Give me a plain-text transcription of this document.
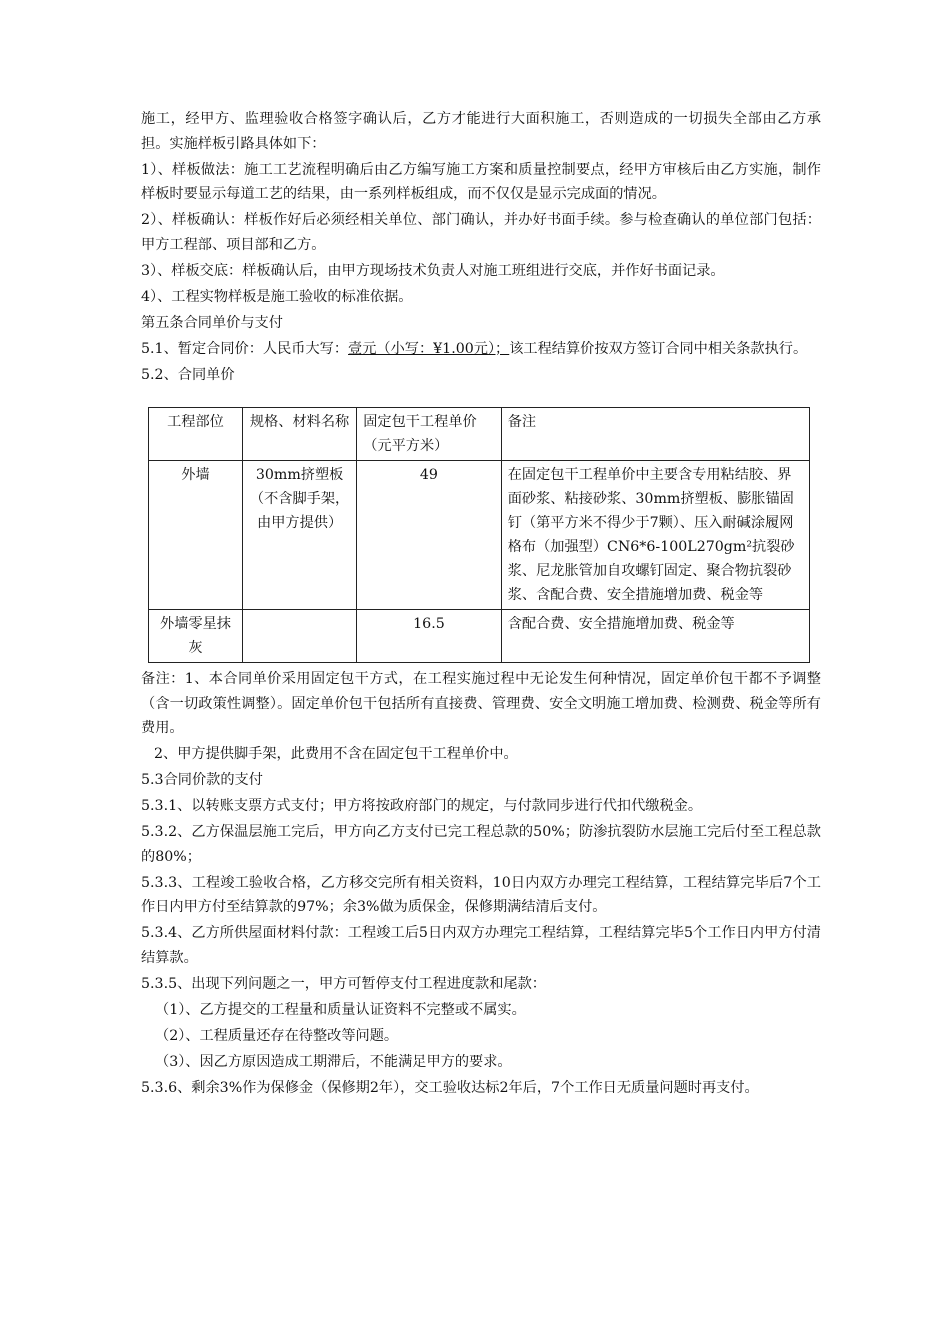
施工，经甲方、监理验收合格签字确认后，乙方才能进行大面积施工，否则造成的一切损失全部由乙方承担。实施样板引路具体如下：

1）、样板做法：施工工艺流程明确后由乙方编写施工方案和质量控制要点，经甲方审核后由乙方实施，制作样板时要显示每道工艺的结果，由一系列样板组成，而不仅仅是显示完成面的情况。

2）、样板确认：样板作好后必须经相关单位、部门确认，并办好书面手续。参与检查确认的单位部门包括：甲方工程部、项目部和乙方。

3）、样板交底：样板确认后，由甲方现场技术负责人对施工班组进行交底，并作好书面记录。

4）、工程实物样板是施工验收的标准依据。

第五条合同单价与支付

5.1、暂定合同价：人民币大写：壹元（小写：¥1.00元）；该工程结算价按双方签订合同中相关条款执行。

5.2、合同单价

工程部位	规格、材料名称	固定包干工程单价（元平方米）	备注
外墙	30mm挤塑板（不含脚手架，由甲方提供）	49	在固定包干工程单价中主要含专用粘结胶、界面砂浆、粘接砂浆、30mm挤塑板、膨胀锚固钉（第平方米不得少于7颗）、压入耐碱涂履网格布（加强型）CN6*6-100L270gm²抗裂砂浆、尼龙胀管加自攻螺钉固定、聚合物抗裂砂浆、含配合费、安全措施增加费、税金等
外墙零星抹灰		16.5	含配合费、安全措施增加费、税金等

备注：1、本合同单价采用固定包干方式，在工程实施过程中无论发生何种情况，固定单价包干都不予调整（含一切政策性调整）。固定单价包干包括所有直接费、管理费、安全文明施工增加费、检测费、税金等所有费用。

2、甲方提供脚手架，此费用不含在固定包干工程单价中。

5.3合同价款的支付

5.3.1、以转账支票方式支付；甲方将按政府部门的规定，与付款同步进行代扣代缴税金。

5.3.2、乙方保温层施工完后，甲方向乙方支付已完工程总款的50%；防渗抗裂防水层施工完后付至工程总款的80%；

5.3.3、工程竣工验收合格，乙方移交完所有相关资料，10日内双方办理完工程结算，工程结算完毕后7个工作日内甲方付至结算款的97%；余3%做为质保金，保修期满结清后支付。

5.3.4、乙方所供屋面材料付款：工程竣工后5日内双方办理完工程结算，工程结算完毕5个工作日内甲方付清结算款。

5.3.5、出现下列问题之一，甲方可暂停支付工程进度款和尾款：

（1）、乙方提交的工程量和质量认证资料不完整或不属实。

（2）、工程质量还存在待整改等问题。

（3）、因乙方原因造成工期滞后，不能满足甲方的要求。

5.3.6、剩余3%作为保修金（保修期2年），交工验收达标2年后，7个工作日无质量问题时再支付。
